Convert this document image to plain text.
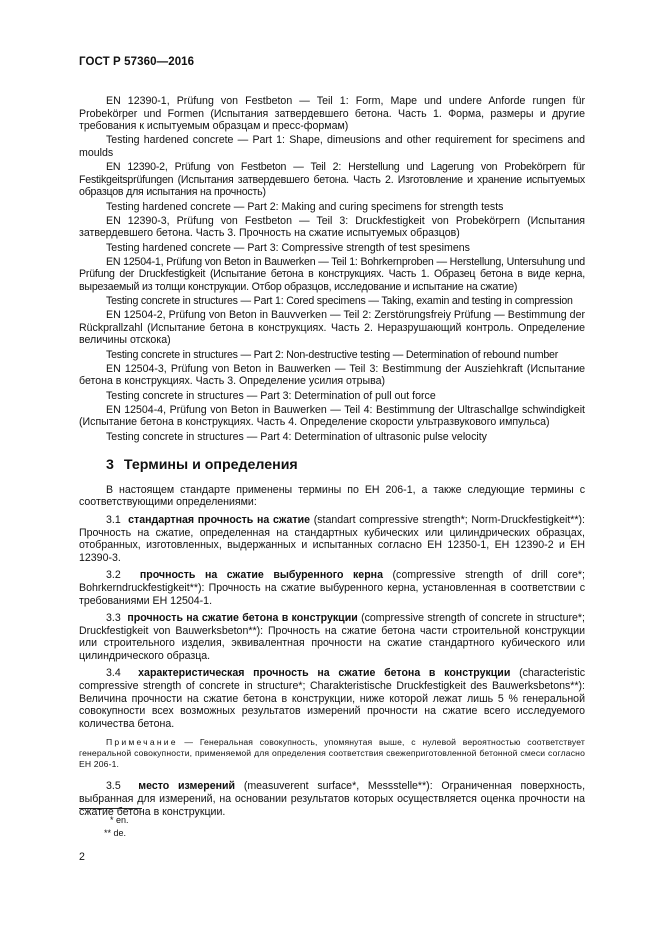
ГОСТ Р 57360—2016

EN 12390-1, Prüfung von Festbeton — Teil 1: Form, Mape und undere Anforde rungen für Probekörper und Formen (Испытания затвердевшего бетона. Часть 1. Форма, размеры и другие требования к испытуемым образцам и пресс-формам)

Testing hardened concrete — Part 1: Shape, dimeusions and other requirement for specimens and moulds

EN 12390-2, Prüfung von Festbeton — Teil 2: Herstellung und Lagerung von Probekörpern für Festikgeitsprüfungen (Испытания затвердевшего бетона. Часть 2. Изготовление и хранение испытуемых образцов для испытания на прочность)

Testing hardened concrete — Part 2: Making and curing specimens for strength tests

EN 12390-3, Prüfung von Festbeton — Teil 3: Druckfestigkeit von Probekörpern (Испытания затвердевшего бетона. Часть 3. Прочность на сжатие испытуемых образцов)

Testing hardened concrete — Part 3: Compressive strength of test spesimens

EN 12504-1, Prüfung von Beton in Bauwerken — Teil 1: Bohrkernproben — Herstellung, Untersuhung und Prüfung der Druckfestigkeit (Испытание бетона в конструкциях. Часть 1. Образец бетона в виде керна, вырезаемый из толщи конструкции. Отбор образцов, исследование и испытание на сжатие)

Testing concrete in structures — Part 1: Cored specimens — Taking, examin and testing in compression

EN 12504-2, Prüfung von Beton in Bauvverken — Teil 2: Zerstörungsfreiу Prüfung — Bestimmung der Rückprallzahl (Испытание бетона в конструкциях. Часть 2. Неразрушающий контроль. Определение величины отскока)

Testing concrete in structures — Part 2: Non-destructive testing — Determination of rebound number

EN 12504-3, Prüfung von Beton in Bauwerken — Teil 3: Bestimmung der Ausziehkraft (Испытание бетона в конструкциях. Часть 3. Определение усилия отрыва)

Testing concrete in structures — Part 3: Determination of pull out force

EN 12504-4, Prüfung von Beton in Bauwerken — Teil 4: Bestimmung der Ultraschallge schwindigkeit (Испытание бетона в конструкциях. Часть 4. Определение скорости ультразвукового импульса)

Testing concrete in structures — Part 4: Determination of ultrasonic pulse velocity

3 Термины и определения

В настоящем стандарте применены термины по ЕН 206-1, а также следующие термины с соответствующими определениями:

3.1 стандартная прочность на сжатие (standart compressive strength*; Norm-Druckfestigkeit**): Прочность на сжатие, определенная на стандартных кубических или цилиндрических образцах, отобранных, изготовленных, выдержанных и испытанных согласно ЕН 12350-1, ЕН 12390-2 и ЕН 12390-3.

3.2 прочность на сжатие выбуренного керна (compressive strength of drill core*; Bohrkerndruckfestigkeit**): Прочность на сжатие выбуренного керна, установленная в соответствии с требованиями ЕН 12504-1.

3.3 прочность на сжатие бетона в конструкции (compressive strength of concrete in structure*; Druckfestigkeit von Bauwerksbeton**): Прочность на сжатие бетона части строительной конструкции или строительного изделия, эквивалентная прочности на сжатие стандартного кубического или цилиндрического образца.

3.4 характеристическая прочность на сжатие бетона в конструкции (characteristic compressive strength of concrete in structure*; Charakteristische Druckfestigkeit des Bauwerksbetons**): Величина прочности на сжатие бетона в конструкции, ниже которой лежат лишь 5 % генеральной совокупности всех возможных результатов измерений прочности на сжатие всего исследуемого количества бетона.

Примечание — Генеральная совокупность, упомянутая выше, с нулевой вероятностью соответствует генеральной совокупности, применяемой для определения соответствия свежеприготовленной бетонной смеси согласно ЕН 206-1.

3.5 место измерений (measuverent surface*, Messstelle**): Ограниченная поверхность, выбранная для измерений, на основании результатов которых осуществляется оценка прочности на сжатие бетона в конструкции.

* en.
** de.
2
